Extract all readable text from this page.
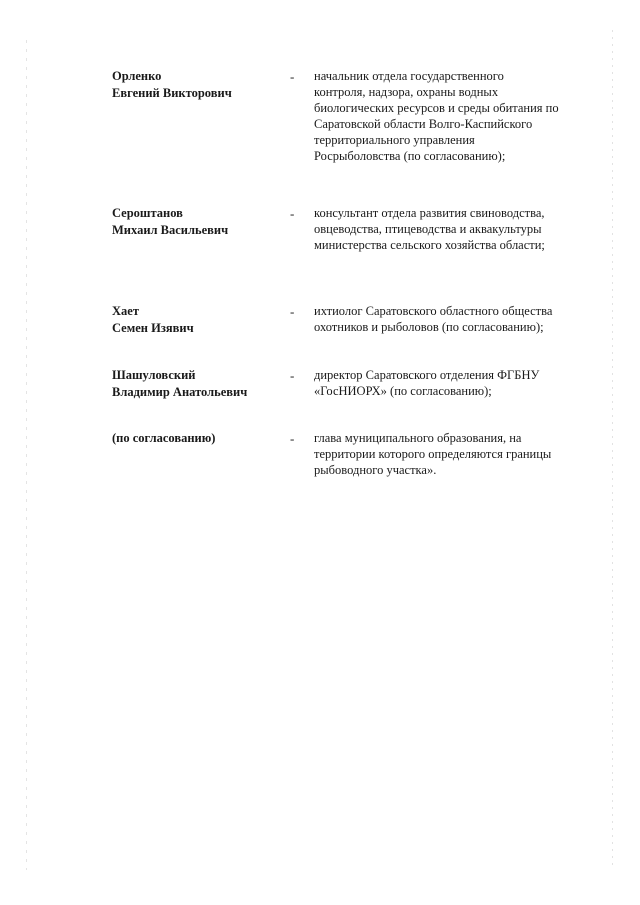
Орленко
Евгений Викторович
- начальник отдела государственного
контроля, надзора, охраны водных
биологических ресурсов и среды обитания по
Саратовской области Волго-Каспийского
территориального управления
Росрыболовства (по согласованию);
Сероштанов
Михаил Васильевич
- консультант отдела развития свиноводства,
овцеводства, птицеводства и аквакультуры
министерства сельского хозяйства области;
Хает
Семен Изявич
- ихтиолог Саратовского областного общества
охотников и рыболовов (по согласованию);
Шашуловский
Владимир Анатольевич
- директор Саратовского отделения ФГБНУ
«ГосНИОРХ» (по согласованию);
(по согласованию)	- глава муниципального образования, на
территории которого определяются границы
рыбоводного участка».
